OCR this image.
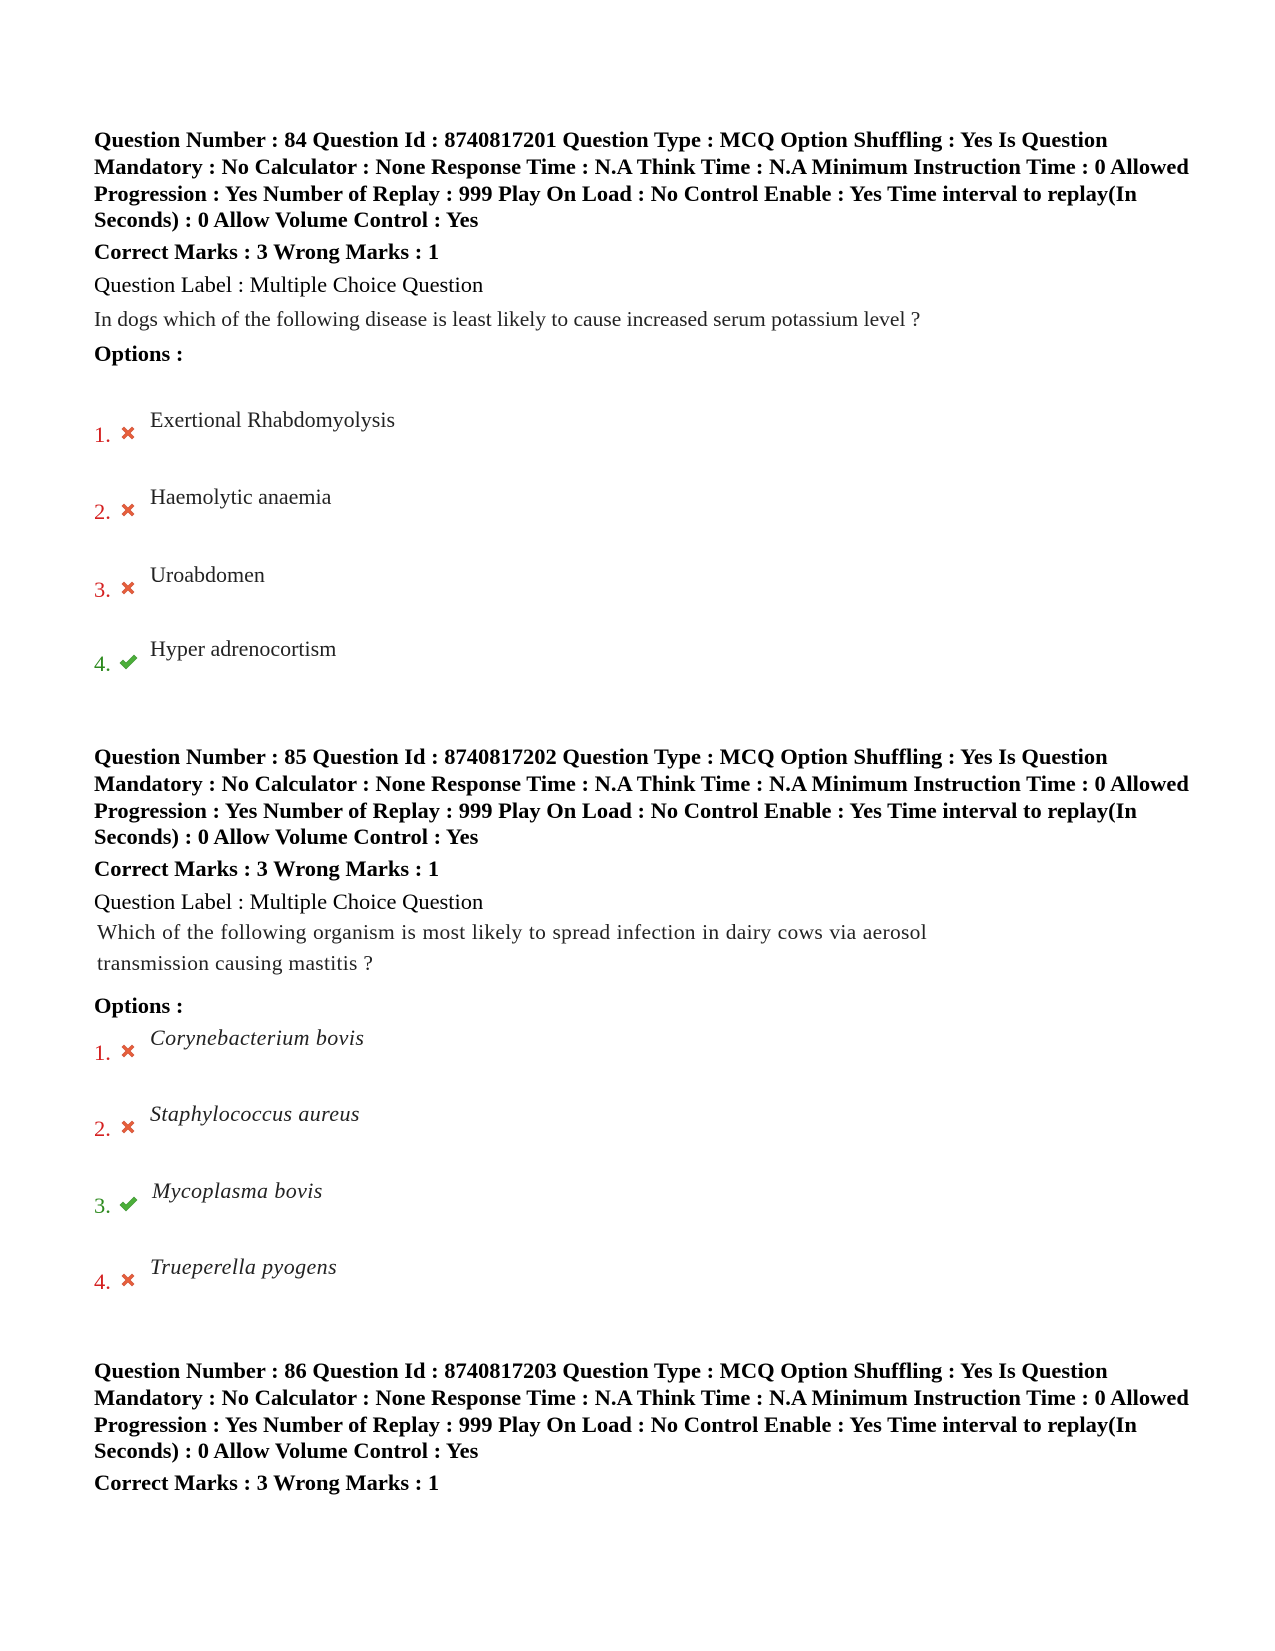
Question Number : 84 Question Id : 8740817201 Question Type : MCQ Option Shuffling : Yes Is Question Mandatory : No Calculator : None Response Time : N.A Think Time : N.A Minimum Instruction Time : 0 Allowed Progression : Yes Number of Replay : 999 Play On Load : No Control Enable : Yes Time interval to replay(In Seconds) : 0 Allow Volume Control : Yes

Correct Marks : 3 Wrong Marks : 1
Question Label : Multiple Choice Question
In dogs which of the following disease is least likely to cause increased serum potassium level ?
Options :
1.
Exertional Rhabdomyolysis
2.
Haemolytic anaemia
3.
Uroabdomen
4.
Hyper adrenocortism

Question Number : 85 Question Id : 8740817202 Question Type : MCQ Option Shuffling : Yes Is Question Mandatory : No Calculator : None Response Time : N.A Think Time : N.A Minimum Instruction Time : 0 Allowed Progression : Yes Number of Replay : 999 Play On Load : No Control Enable : Yes Time interval to replay(In Seconds) : 0 Allow Volume Control : Yes

Correct Marks : 3 Wrong Marks : 1
Question Label : Multiple Choice Question
Which of the following organism is most likely to spread infection in dairy cows via aerosol transmission causing mastitis ?
Options :
1.
Corynebacterium bovis
2.
Staphylococcus aureus
3.
Mycoplasma bovis
4.
Trueperella pyogens

Question Number : 86 Question Id : 8740817203 Question Type : MCQ Option Shuffling : Yes Is Question Mandatory : No Calculator : None Response Time : N.A Think Time : N.A Minimum Instruction Time : 0 Allowed Progression : Yes Number of Replay : 999 Play On Load : No Control Enable : Yes Time interval to replay(In Seconds) : 0 Allow Volume Control : Yes

Correct Marks : 3 Wrong Marks : 1
